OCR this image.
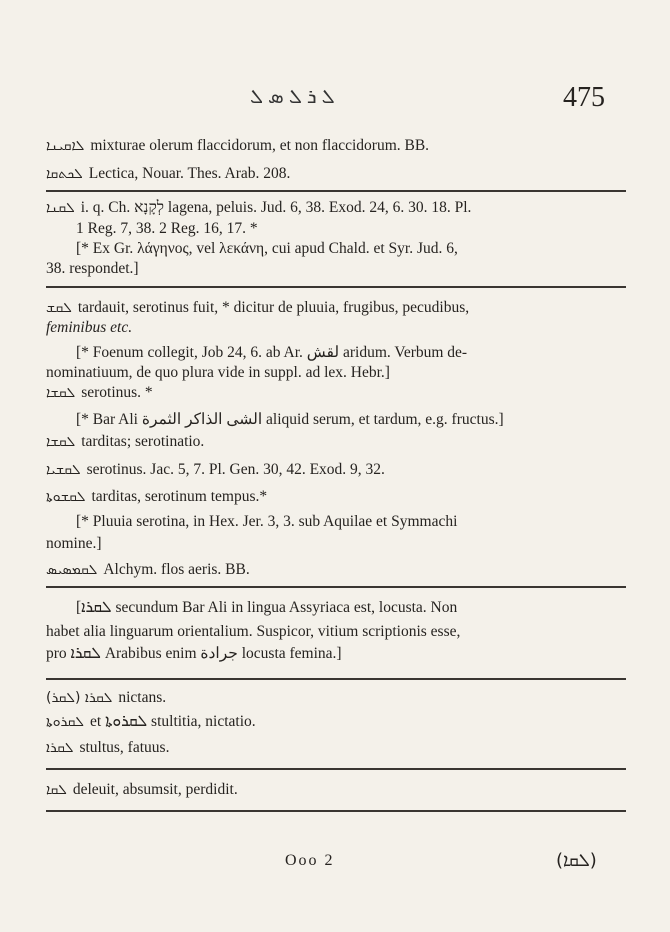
ܠ ܪ ܠ ܣ ܠ	475
ܠܐܩܝܢܐ mixturae olerum flaccidorum, et non flaccidorum. BB.
ܠܟܬܩܐ Lectica, Nouar. Thes. Arab. 208.
ܠܩܢܐ i. q. Ch. לְקָנָא lagena, peluis. Jud. 6, 38. Exod. 24, 6. 30. 18. Pl.
1 Reg. 7, 38. 2 Reg. 16, 17. *
[* Ex Gr. λάγηνος, vel λεκάνη, cui apud Chald. et Syr. Jud. 6,
38. respondet.]
ܠܩܫ tardauit, serotinus fuit, * dicitur de pluuia, frugibus, pecudibus,
feminibus etc.
[* Foenum collegit, Job 24, 6. ab Ar. لقش aridum. Verbum de-
nominatiuum, de quo plura vide in suppl. ad lex. Hebr.]
ܠܩܫܐ serotinus. *
[* Bar Ali الشى الذاكر الثمرة aliquid serum, et tardum, e.g. fructus.]
ܠܩܫܐ tarditas; serotinatio.
ܠܩܫܝܐ serotinus. Jac. 5, 7. Pl. Gen. 30, 42. Exod. 9, 32.
ܠܩܫܘܬܐ tarditas, serotinum tempus.*
[* Pluuia serotina, in Hex. Jer. 3, 3. sub Aquilae et Symmachi
nomine.]
ܠܩܡܣܝܣ Alchym. flos aeris. BB.
[ܠܩܪܐ secundum Bar Ali in lingua Assyriaca est, locusta. Non
habet alia linguarum orientalium. Suspicor, vitium scriptionis esse,
pro ܠܩܪܐ Arabibus enim جرادة locusta femina.]
(ܠܩܪ) ܠܩܪܐ nictans.
ܠܩܪܘܬܐ et ܠܩܪܘܬܐ stultitia, nictatio.
ܠܩܪܐ stultus, fatuus.
ܠܩܐ deleuit, absumsit, perdidit.
Ooo 2	(ܠܩܐ)
